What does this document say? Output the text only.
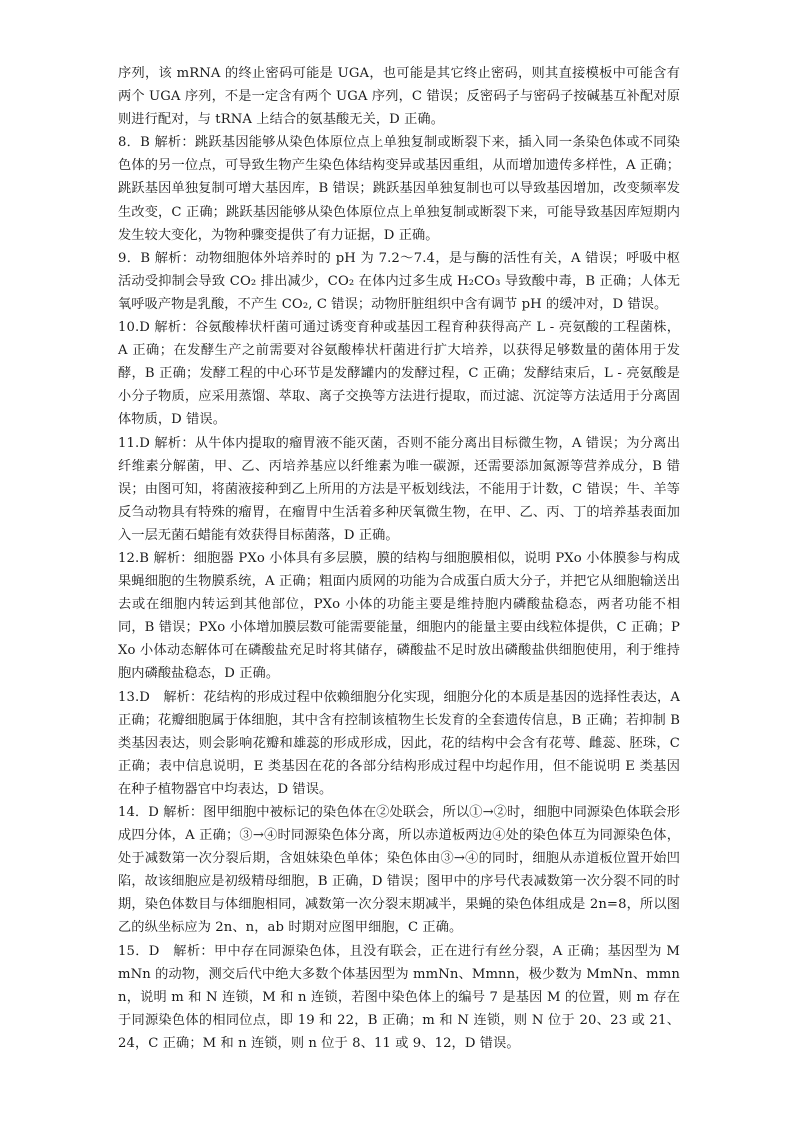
序列，该 mRNA 的终止密码可能是 UGA，也可能是其它终止密码，则其直接模板中可能含有两个 UGA 序列，不是一定含有两个 UGA 序列，C 错误；反密码子与密码子按碱基互补配对原则进行配对，与 tRNA 上结合的氨基酸无关，D 正确。

8．B 解析：跳跃基因能够从染色体原位点上单独复制或断裂下来，插入同一条染色体或不同染色体的另一位点，可导致生物产生染色体结构变异或基因重组，从而增加遗传多样性，A 正确；跳跃基因单独复制可增大基因库，B 错误；跳跃基因单独复制也可以导致基因增加，改变频率发生改变，C 正确；跳跃基因能够从染色体原位点上单独复制或断裂下来，可能导致基因库短期内发生较大变化，为物种骤变提供了有力证据，D 正确。

9．B 解析：动物细胞体外培养时的 pH 为 7.2～7.4，是与酶的活性有关，A 错误；呼吸中枢活动受抑制会导致 CO₂ 排出减少，CO₂ 在体内过多生成 H₂CO₃ 导致酸中毒，B 正确；人体无氧呼吸产物是乳酸，不产生 CO₂, C 错误；动物肝脏组织中含有调节 pH 的缓冲对，D 错误。

10.D 解析：谷氨酸棒状杆菌可通过诱变育种或基因工程育种获得高产 L - 亮氨酸的工程菌株，A 正确；在发酵生产之前需要对谷氨酸棒状杆菌进行扩大培养，以获得足够数量的菌体用于发酵，B 正确；发酵工程的中心环节是发酵罐内的发酵过程，C 正确；发酵结束后，L - 亮氨酸是小分子物质，应采用蒸馏、萃取、离子交换等方法进行提取，而过滤、沉淀等方法适用于分离固体物质，D 错误。

11.D 解析：从牛体内提取的瘤胃液不能灭菌，否则不能分离出目标微生物，A 错误；为分离出纤维素分解菌，甲、乙、丙培养基应以纤维素为唯一碳源，还需要添加氮源等营养成分，B 错误；由图可知，将菌液接种到乙上所用的方法是平板划线法，不能用于计数，C 错误；牛、羊等反刍动物具有特殊的瘤胃，在瘤胃中生活着多种厌氧微生物，在甲、乙、丙、丁的培养基表面加入一层无菌石蜡能有效获得目标菌落，D 正确。

12.B 解析：细胞器 PXo 小体具有多层膜，膜的结构与细胞膜相似，说明 PXo 小体膜参与构成果蝇细胞的生物膜系统，A 正确；粗面内质网的功能为合成蛋白质大分子，并把它从细胞输送出去或在细胞内转运到其他部位，PXo 小体的功能主要是维持胞内磷酸盐稳态，两者功能不相同，B 错误；PXo 小体增加膜层数可能需要能量，细胞内的能量主要由线粒体提供，C 正确；PXo 小体动态解体可在磷酸盐充足时将其储存，磷酸盐不足时放出磷酸盐供细胞使用，利于维持胞内磷酸盐稳态，D 正确。

13.D　解析：花结构的形成过程中依赖细胞分化实现，细胞分化的本质是基因的选择性表达，A 正确；花瓣细胞属于体细胞，其中含有控制该植物生长发育的全套遗传信息，B 正确；若抑制 B 类基因表达，则会影响花瓣和雄蕊的形成形成，因此，花的结构中会含有花萼、雌蕊、胚珠，C 正确；表中信息说明，E 类基因在花的各部分结构形成过程中均起作用，但不能说明 E 类基因在种子植物器官中均表达，D 错误。

14．D 解析：图甲细胞中被标记的染色体在②处联会，所以①→②时，细胞中同源染色体联会形成四分体，A 正确；③→④时同源染色体分离，所以赤道板两边④处的染色体互为同源染色体，处于减数第一次分裂后期，含姐妹染色单体；染色体由③→④的同时，细胞从赤道板位置开始凹陷，故该细胞应是初级精母细胞，B 正确，D 错误；图甲中的序号代表减数第一次分裂不同的时期，染色体数目与体细胞相同，减数第一次分裂末期减半，果蝇的染色体组成是 2n=8，所以图乙的纵坐标应为 2n、n，ab 时期对应图甲细胞，C 正确。

15．D　解析：甲中存在同源染色体，且没有联会，正在进行有丝分裂，A 正确；基因型为 MmNn 的动物，测交后代中绝大多数个体基因型为 mmNn、Mmnn，极少数为 MmNn、mmnn，说明 m 和 N 连锁，M 和 n 连锁，若图中染色体上的编号 7 是基因 M 的位置，则 m 存在于同源染色体的相同位点，即 19 和 22，B 正确；m 和 N 连锁，则 N 位于 20、23 或 21、24，C 正确；M 和 n 连锁，则 n 位于 8、11 或 9、12，D 错误。
